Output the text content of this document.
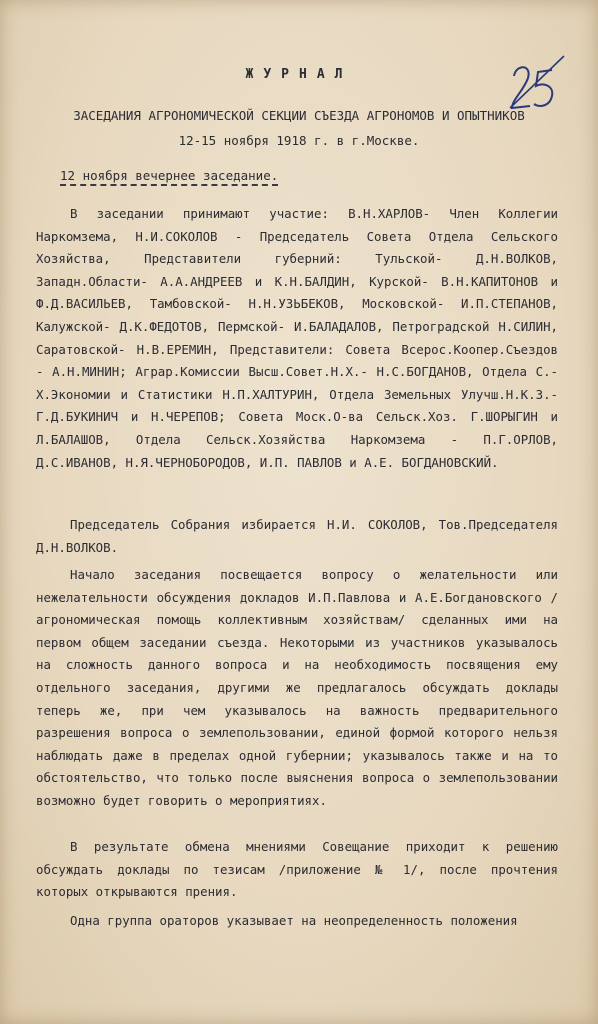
ЖУРНАЛ
ЗАСЕДАНИЯ АГРОНОМИЧЕСКОЙ СЕКЦИИ СЪЕЗДА АГРОНОМОВ И ОПЫТНИКОВ
12-15 ноября 1918 г. в г.Москве.
12 ноября вечернее заседание.

В заседании принимают участие: В.Н.ХАРЛОВ- Член Коллегии Наркомзема, Н.И.СОКОЛОВ - Председатель Совета Отдела Сельского Хозяйства, Представители губерний: Тульской- Д.Н.ВОЛКОВ, Западн.Области- А.А.АНДРЕЕВ и К.Н.БАЛДИН, Курской- В.Н.КАПИТОНОВ и Ф.Д.ВАСИЛЬЕВ, Тамбовской- Н.Н.УЗЬБЕКОВ, Московской- И.П.СТЕПАНОВ, Калужской- Д.К.ФЕДОТОВ, Пермской- И.БАЛАДАЛОВ, Петроградской Н.СИЛИН, Саратовской- Н.В.ЕРЕМИН, Представители: Совета Всерос.Коопер.Съездов - А.Н.МИНИН; Аграр.Комиссии Высш.Совет.Н.Х.- Н.С.БОГДАНОВ, Отдела С.-Х.Экономии и Статистики Н.П.ХАЛТУРИН, Отдела Земельных Улучш.Н.К.З.- Г.Д.БУКИНИЧ и Н.ЧЕРЕПОВ; Совета Моск.О-ва Сельск.Хоз. Г.ШОРЫГИН и Л.БАЛАШОВ, Отдела Сельск.Хозяйства Наркомзема - П.Г.ОРЛОВ, Д.С.ИВАНОВ, Н.Я.ЧЕРНОБОРОДОВ, И.П. ПАВЛОВ и А.Е. БОГДАНОВСКИЙ.

Председатель Собрания избирается Н.И. СОКОЛОВ, Тов.Председателя Д.Н.ВОЛКОВ.

Начало заседания посвещается вопросу о желательности или нежелательности обсуждения докладов И.П.Павлова и А.Е.Богдановского /агрономическая помощь коллективным хозяйствам/ сделанных ими на первом общем заседании съезда. Некоторыми из участников указывалось на сложность данного вопроса и на необходимость посвящения ему отдельного заседания, другими же предлагалось обсуждать доклады теперь же, при чем указывалось на важность предварительного разрешения вопроса о землепользовании, единой формой которого нельзя наблюдать даже в пределах одной губернии; указывалось также и на то обстоятельство, что только после выяснения вопроса о землепользовании возможно будет говорить о мероприятиях.

В результате обмена мнениями Совещание приходит к решению обсуждать доклады по тезисам /приложение № 1/, после прочтения которых открываются прения.

Одна группа ораторов указывает на неопределенность положения
